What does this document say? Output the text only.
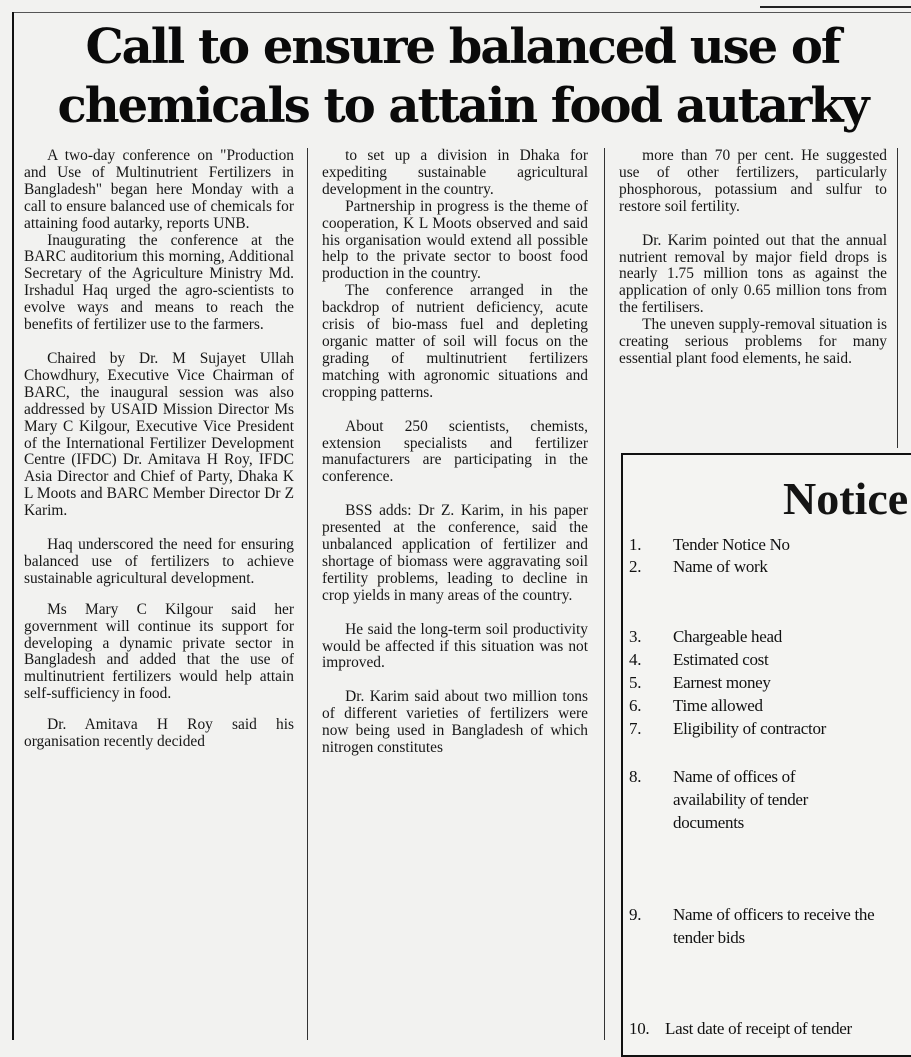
Call to ensure balanced use of
chemicals to attain food autarky

A two-day conference on "Production and Use of Multinutrient Fertilizers in Bangladesh" began here Monday with a call to ensure balanced use of chemicals for attaining food autarky, reports UNB.

Inaugurating the conference at the BARC auditorium this morning, Additional Secretary of the Agriculture Ministry Md. Irshadul Haq urged the agro-scientists to evolve ways and means to reach the benefits of fertilizer use to the farmers.

Chaired by Dr. M Sujayet Ullah Chowdhury, Executive Vice Chairman of BARC, the inaugural session was also addressed by USAID Mission Director Ms Mary C Kilgour, Executive Vice President of the International Fertilizer Development Centre (IFDC) Dr. Amitava H Roy, IFDC Asia Director and Chief of Party, Dhaka K L Moots and BARC Member Director Dr Z Karim.

Haq underscored the need for ensuring balanced use of fertilizers to achieve sustainable agricultural development.

Ms Mary C Kilgour said her government will continue its support for developing a dynamic private sector in Bangladesh and added that the use of multinutrient fertilizers would help attain self-sufficiency in food.

Dr. Amitava H Roy said his organisation recently decided

to set up a division in Dhaka for expediting sustainable agricultural development in the country.

Partnership in progress is the theme of cooperation, K L Moots observed and said his organisation would extend all possible help to the private sector to boost food production in the country.

The conference arranged in the backdrop of nutrient deficiency, acute crisis of bio-mass fuel and depleting organic matter of soil will focus on the grading of multinutrient fertilizers matching with agronomic situations and cropping patterns.

About 250 scientists, chemists, extension specialists and fertilizer manufacturers are participating in the conference.

BSS adds: Dr Z. Karim, in his paper presented at the conference, said the unbalanced application of fertilizer and shortage of biomass were aggravating soil fertility problems, leading to decline in crop yields in many areas of the country.

He said the long-term soil productivity would be affected if this situation was not improved.

Dr. Karim said about two million tons of different varieties of fertilizers were now being used in Bangladesh of which nitrogen constitutes

more than 70 per cent. He suggested use of other fertilizers, particularly phosphorous, potassium and sulfur to restore soil fertility.

Dr. Karim pointed out that the annual nutrient removal by major field drops is nearly 1.75 million tons as against the application of only 0.65 million tons from the fertilisers.

The uneven supply-removal situation is creating serious problems for many essential plant food elements, he said.

Notice
1. Tender Notice No
2. Name of work
3. Chargeable head
4. Estimated cost
5. Earnest money
6. Time allowed
7. Eligibility of contractor
8. Name of offices of availability of tender documents
9. Name of officers to receive the tender bids
10. Last date of receipt of tender
